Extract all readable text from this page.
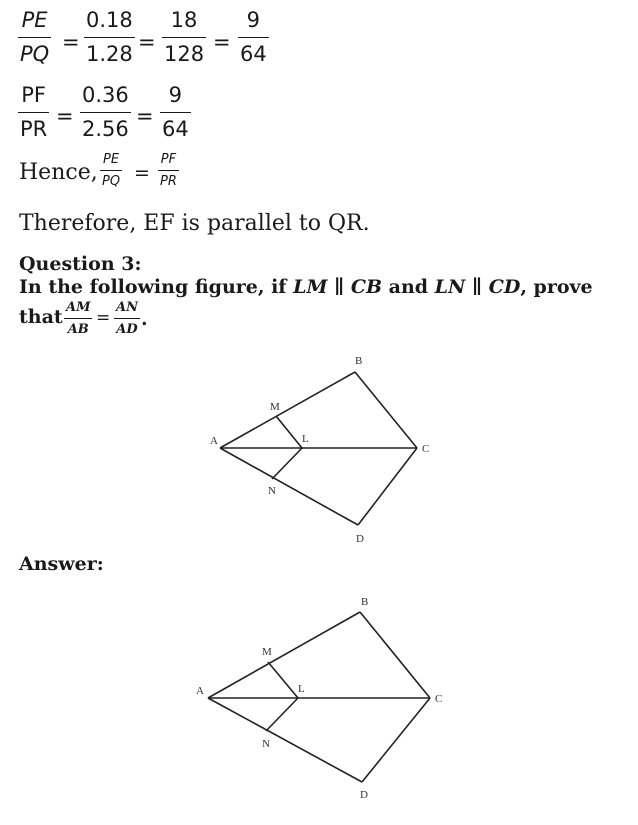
PE
PQ =
0.18
1.28 =
18
128 =
9
64
PF
PR
=
0.36
2.56
=
9
64
Hence,
PE
PQ =
PF
PR
Therefore, EF is parallel to QR.
Question 3:
In the following figure, if LM ∥ CB and LN ∥ CD, prove
that AM
AB
=
AN
AD .
A
B
C
D
L
M
N
Answer:
A
B
C
D
L
M
N
